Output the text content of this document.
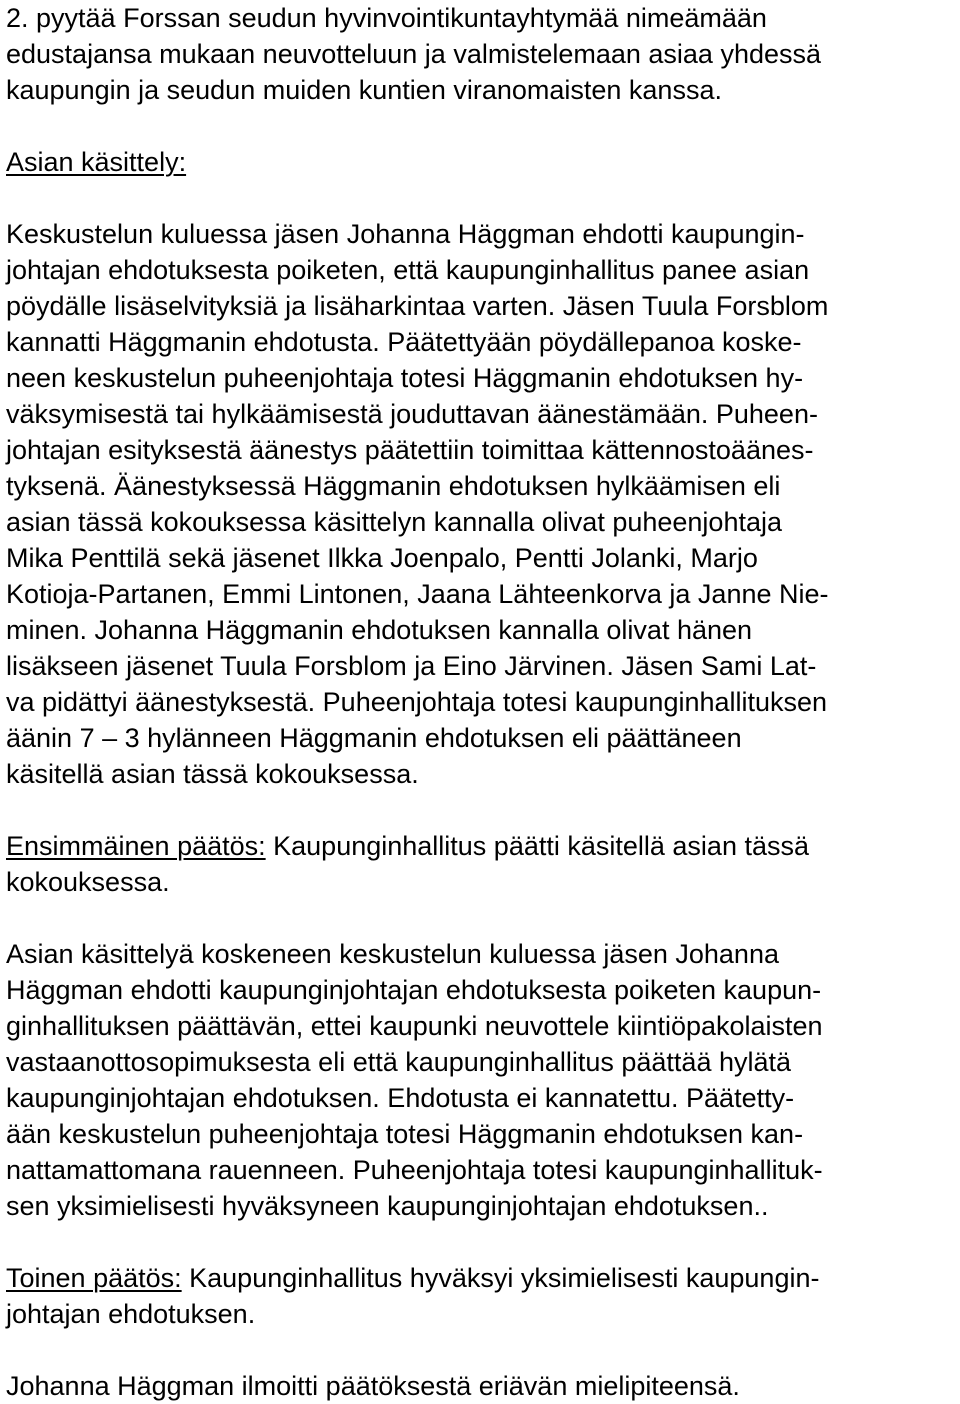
2. pyytää Forssan seudun hyvinvointikuntayhtymää nimeämään
edustajansa mukaan neuvotteluun ja valmistelemaan asiaa yhdessä
kaupungin ja seudun muiden kuntien viranomaisten kanssa.
Asian käsittely:
Keskustelun kuluessa jäsen Johanna Häggman ehdotti kaupungin-
johtajan ehdotuksesta poiketen, että kaupunginhallitus panee asian
pöydälle lisäselvityksiä ja lisäharkintaa varten. Jäsen Tuula Forsblom
kannatti Häggmanin ehdotusta. Päätettyään pöydällepanoa koske-
neen keskustelun puheenjohtaja totesi Häggmanin ehdotuksen hy-
väksymisestä tai hylkäämisestä jouduttavan äänestämään. Puheen-
johtajan esityksestä äänestys päätettiin toimittaa kättennostoäänes-
tyksenä. Äänestyksessä Häggmanin ehdotuksen hylkäämisen eli
asian tässä kokouksessa käsittelyn kannalla olivat puheenjohtaja
Mika Penttilä sekä jäsenet Ilkka Joenpalo, Pentti Jolanki, Marjo
Kotioja-Partanen, Emmi Lintonen, Jaana Lähteenkorva ja Janne Nie-
minen. Johanna Häggmanin ehdotuksen kannalla olivat hänen
lisäkseen jäsenet Tuula Forsblom ja Eino Järvinen. Jäsen Sami Lat-
va pidättyi äänestyksestä. Puheenjohtaja totesi kaupunginhallituksen
äänin 7 – 3 hylänneen Häggmanin ehdotuksen eli päättäneen
käsitellä asian tässä kokouksessa.
Ensimmäinen päätös: Kaupunginhallitus päätti käsitellä asian tässä
kokouksessa.
Asian käsittelyä koskeneen keskustelun kuluessa jäsen Johanna
Häggman ehdotti kaupunginjohtajan ehdotuksesta poiketen kaupun-
ginhallituksen päättävän, ettei kaupunki neuvottele kiintiöpakolaisten
vastaanottosopimuksesta eli että kaupunginhallitus päättää hylätä
kaupunginjohtajan ehdotuksen. Ehdotusta ei kannatettu. Päätetty-
ään keskustelun puheenjohtaja totesi Häggmanin ehdotuksen kan-
nattamattomana rauenneen. Puheenjohtaja totesi kaupunginhallituk-
sen yksimielisesti hyväksyneen kaupunginjohtajan ehdotuksen..
Toinen päätös: Kaupunginhallitus hyväksyi yksimielisesti kaupungin-
johtajan ehdotuksen.
Johanna Häggman ilmoitti päätöksestä eriävän mielipiteensä.
